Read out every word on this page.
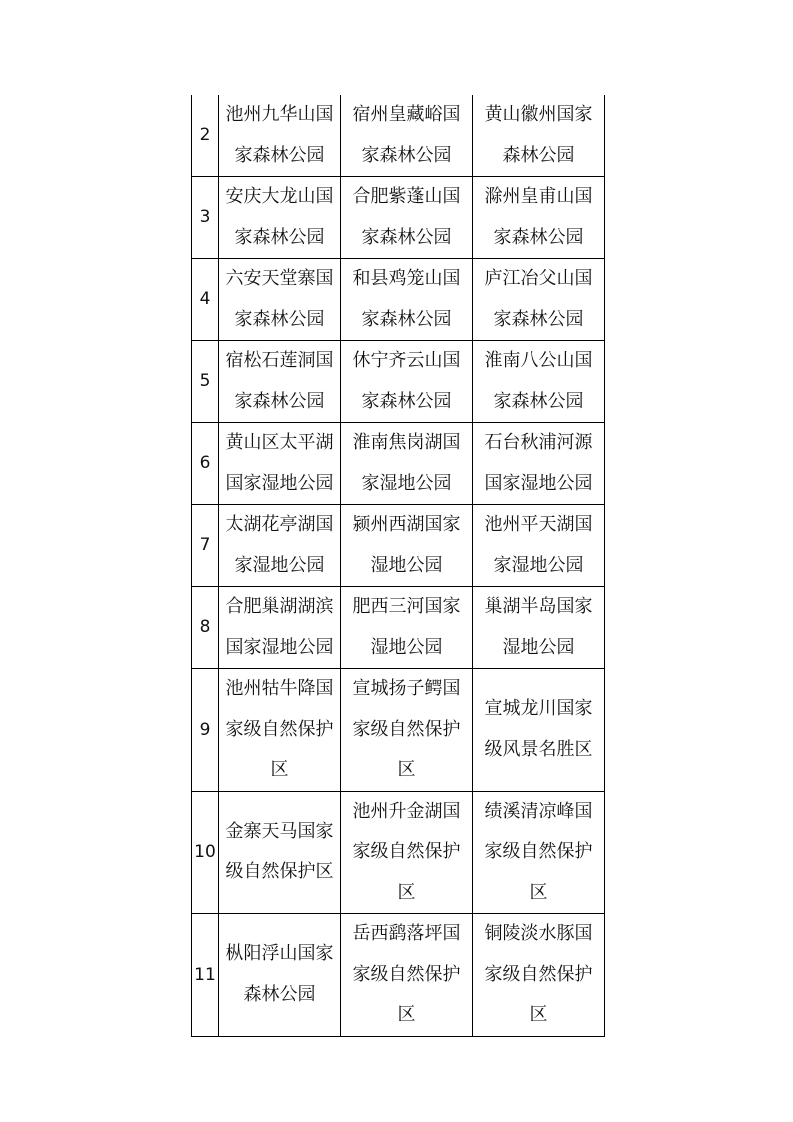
2	池州九华山国家森林公园	宿州皇藏峪国家森林公园	黄山徽州国家森林公园
3	安庆大龙山国家森林公园	合肥紫蓬山国家森林公园	滁州皇甫山国家森林公园
4	六安天堂寨国家森林公园	和县鸡笼山国家森林公园	庐江冶父山国家森林公园
5	宿松石莲洞国家森林公园	休宁齐云山国家森林公园	淮南八公山国家森林公园
6	黄山区太平湖国家湿地公园	淮南焦岗湖国家湿地公园	石台秋浦河源国家湿地公园
7	太湖花亭湖国家湿地公园	颍州西湖国家湿地公园	池州平天湖国家湿地公园
8	合肥巢湖湖滨国家湿地公园	肥西三河国家湿地公园	巢湖半岛国家湿地公园
9	池州牯牛降国家级自然保护区	宣城扬子鳄国家级自然保护区	宣城龙川国家级风景名胜区
10	金寨天马国家级自然保护区	池州升金湖国家级自然保护区	绩溪清凉峰国家级自然保护区
11	枞阳浮山国家森林公园	岳西鹞落坪国家级自然保护区	铜陵淡水豚国家级自然保护区
